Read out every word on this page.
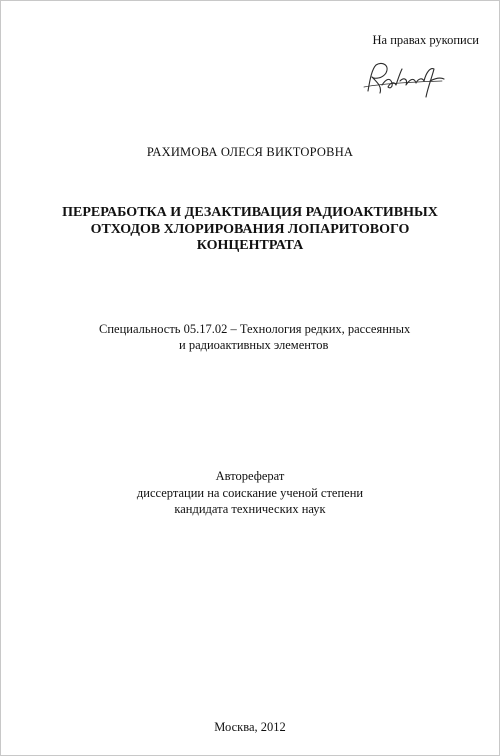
На правах рукописи
РАХИМОВА ОЛЕСЯ ВИКТОРОВНА
ПЕРЕРАБОТКА И ДЕЗАКТИВАЦИЯ РАДИОАКТИВНЫХ
ОТХОДОВ ХЛОРИРОВАНИЯ ЛОПАРИТОВОГО
КОНЦЕНТРАТА
Специальность 05.17.02 – Технология редких, рассеянных
и радиоактивных элементов
Автореферат
диссертации на соискание ученой степени
кандидата технических наук
Москва, 2012
